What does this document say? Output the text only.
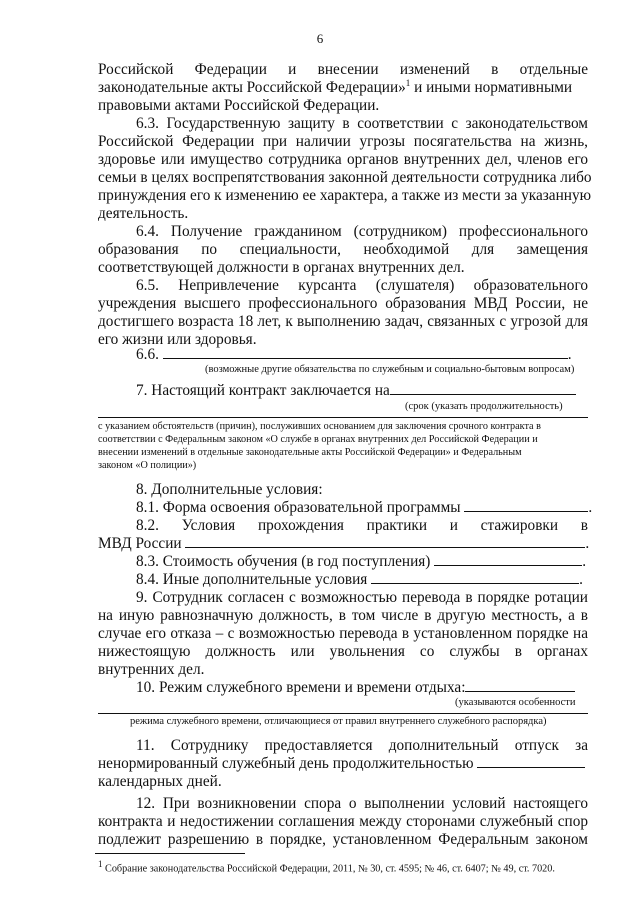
6
Российской Федерации и внесении изменений в отдельные
законодательные акты Российской Федерации»$^1$ и иными нормативными
правовыми актами Российской Федерации.
6.3. Государственную защиту в соответствии с законодательством
Российской Федерации при наличии угрозы посягательства на жизнь,
здоровье или имущество сотрудника органов внутренних дел, членов его
семьи в целях воспрепятствования законной деятельности сотрудника либо
принуждения его к изменению ее характера, а также из мести за указанную
деятельность.
6.4. Получение гражданином (сотрудником) профессионального
образования по специальности, необходимой для замещения
соответствующей должности в органах внутренних дел.
6.5. Непривлечение курсанта (слушателя) образовательного
учреждения высшего профессионального образования МВД России, не
достигшего возраста 18 лет, к выполнению задач, связанных с угрозой для
его жизни или здоровья.
6.6.	.
(возможные другие обязательства по служебным и социально-бытовым вопросам)
7. Настоящий контракт заключается на
(срок (указать продолжительность)
с указанием обстоятельств (причин), послуживших основанием для заключения срочного контракта в
соответствии с Федеральным законом «О службе в органах внутренних дел Российской Федерации и
внесении изменений в отдельные законодательные акты Российской Федерации» и Федеральным
законом «О полиции»)
8. Дополнительные условия:
8.1. Форма освоения образовательной программы	.
8.2. Условия прохождения практики и стажировки в
МВД России	.
8.3. Стоимость обучения (в год поступления)	.
8.4. Иные дополнительные условия	.
9. Сотрудник согласен с возможностью перевода в порядке ротации
на иную равнозначную должность, в том числе в другую местность, а в
случае его отказа – с возможностью перевода в установленном порядке на
нижестоящую должность или увольнения со службы в органах
внутренних дел.
10. Режим служебного времени и времени отдыха:
(указываются особенности
режима служебного времени, отличающиеся от правил внутреннего служебного распорядка)
11. Сотруднику предоставляется дополнительный отпуск за
ненормированный служебный день продолжительностью
календарных дней.
12. При возникновении спора о выполнении условий настоящего
контракта и недостижении соглашения между сторонами служебный спор
подлежит разрешению в порядке, установленном Федеральным законом
1 Собрание законодательства Российской Федерации, 2011, № 30, ст. 4595; № 46, ст. 6407; № 49, ст. 7020.
